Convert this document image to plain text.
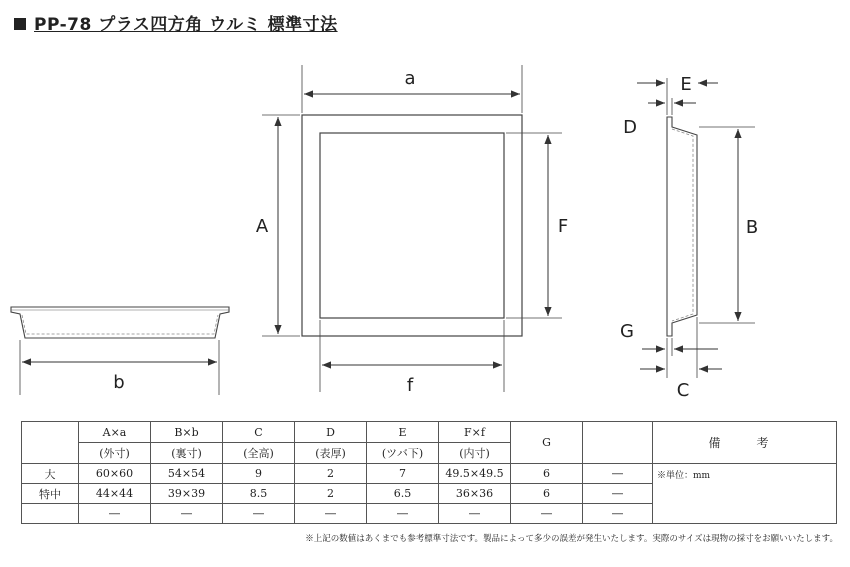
PP-78 プラス四方角 ウルミ 標準寸法
a
A	F
f
b
E
D
B
G
C
	A×a	B×b	C	D	E	F×f	G		備　考
	(外寸)	(裏寸)	(全高)	(表厚)	(ツバ下)	(内寸)			
大	60×60	54×54	9	2	7	49.5×49.5	6	―	※単位：mm
特中	44×44	39×39	8.5	2	6.5	36×36	6	―	
	―	―	―	―	―	―	―	―	
※上記の数値はあくまでも参考標準寸法です。製品によって多少の誤差が発生いたします。実際のサイズは現物の採寸をお願いいたします。
